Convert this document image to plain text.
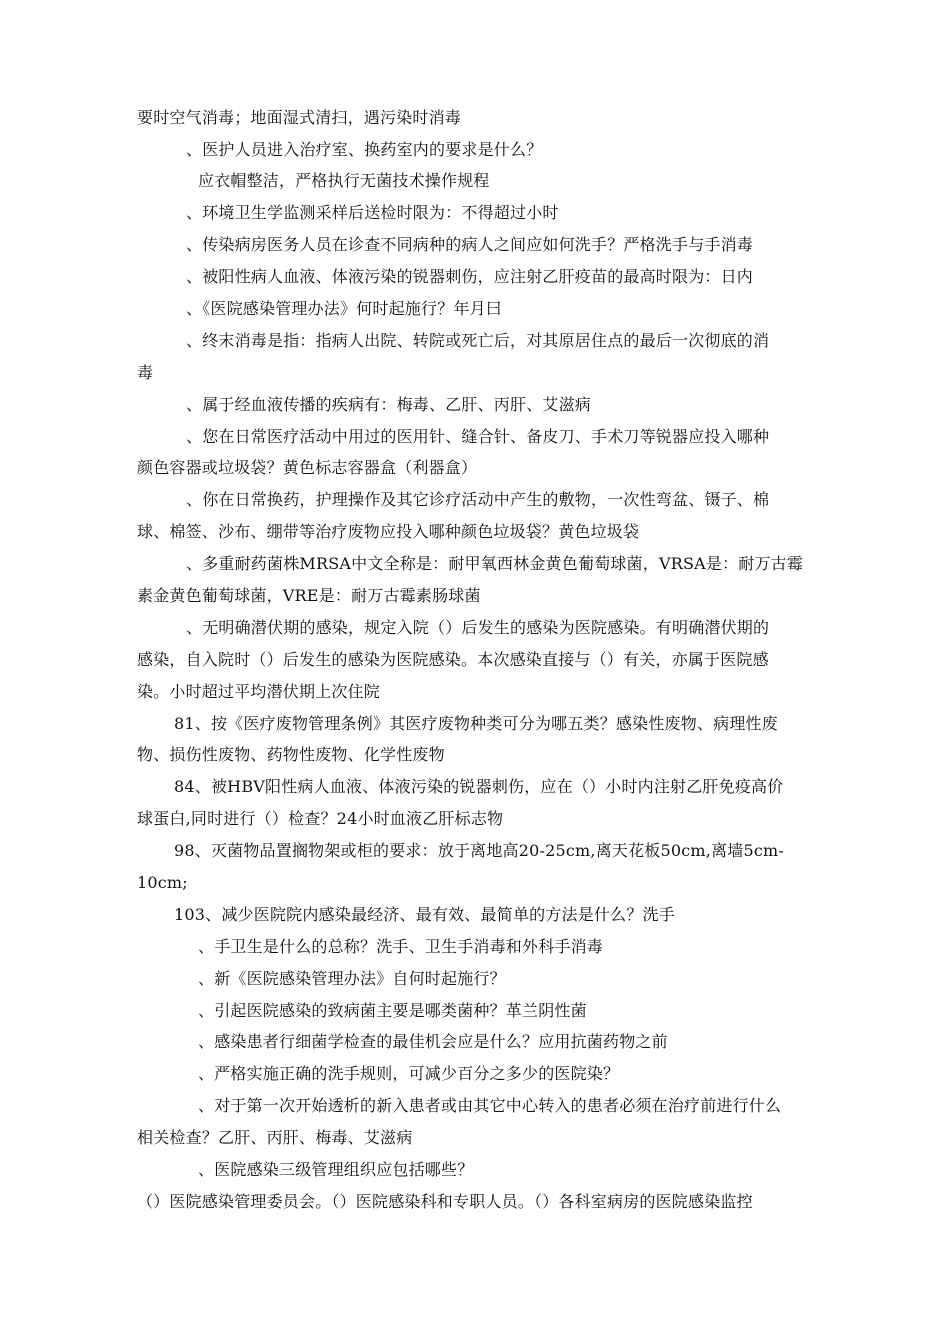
要时空气消毒；地面湿式清扫，遇污染时消毒
、医护人员进入治疗室、换药室内的要求是什么？
应衣帽整洁，严格执行无菌技术操作规程
、环境卫生学监测采样后送检时限为：不得超过小时
、传染病房医务人员在诊查不同病种的病人之间应如何洗手？严格洗手与手消毒
、被阳性病人血液、体液污染的锐器刺伤，应注射乙肝疫苗的最高时限为：日内
、《医院感染管理办法》何时起施行？年月曰
、终末消毒是指：指病人出院、转院或死亡后，对其原居住点的最后一次彻底的消
毒
、属于经血液传播的疾病有：梅毒、乙肝、丙肝、艾滋病
、您在日常医疗活动中用过的医用针、缝合针、备皮刀、手术刀等锐器应投入哪种
颜色容器或垃圾袋？黄色标志容器盒（利器盒）
、你在日常换药，护理操作及其它诊疗活动中产生的敷物，一次性弯盆、镊子、棉
球、棉签、沙布、绷带等治疗废物应投入哪种颜色垃圾袋？黄色垃圾袋
、多重耐药菌株MRSA中文全称是：耐甲氧西林金黄色葡萄球菌，VRSA是：耐万古霉
素金黄色葡萄球菌，VRE是：耐万古霉素肠球菌
、无明确潜伏期的感染，规定入院（）后发生的感染为医院感染。有明确潜伏期的
感染，自入院时（）后发生的感染为医院感染。本次感染直接与（）有关，亦属于医院感
染。小时超过平均潜伏期上次住院
81、按《医疗废物管理条例》其医疗废物种类可分为哪五类？感染性废物、病理性废
物、损伤性废物、药物性废物、化学性废物
84、被HBV阳性病人血液、体液污染的锐器刺伤，应在（）小时内注射乙肝免疫高价
球蛋白,同时进行（）检查？24小时血液乙肝标志物
98、灭菌物品置搁物架或柜的要求：放于离地高20-25cm,离天花板50cm,离墙5cm-
10cm;
103、减少医院院内感染最经济、最有效、最简单的方法是什么？洗手
、手卫生是什么的总称？洗手、卫生手消毒和外科手消毒
、新《医院感染管理办法》自何时起施行？
、引起医院感染的致病菌主要是哪类菌种？革兰阴性菌
、感染患者行细菌学检查的最佳机会应是什么？应用抗菌药物之前
、严格实施正确的洗手规则，可减少百分之多少的医院染？
、对于第一次开始透析的新入患者或由其它中心转入的患者必须在治疗前进行什么
相关检查？乙肝、丙肝、梅毒、艾滋病
、医院感染三级管理组织应包括哪些？
（）医院感染管理委员会。（）医院感染科和专职人员。（）各科室病房的医院感染监控
